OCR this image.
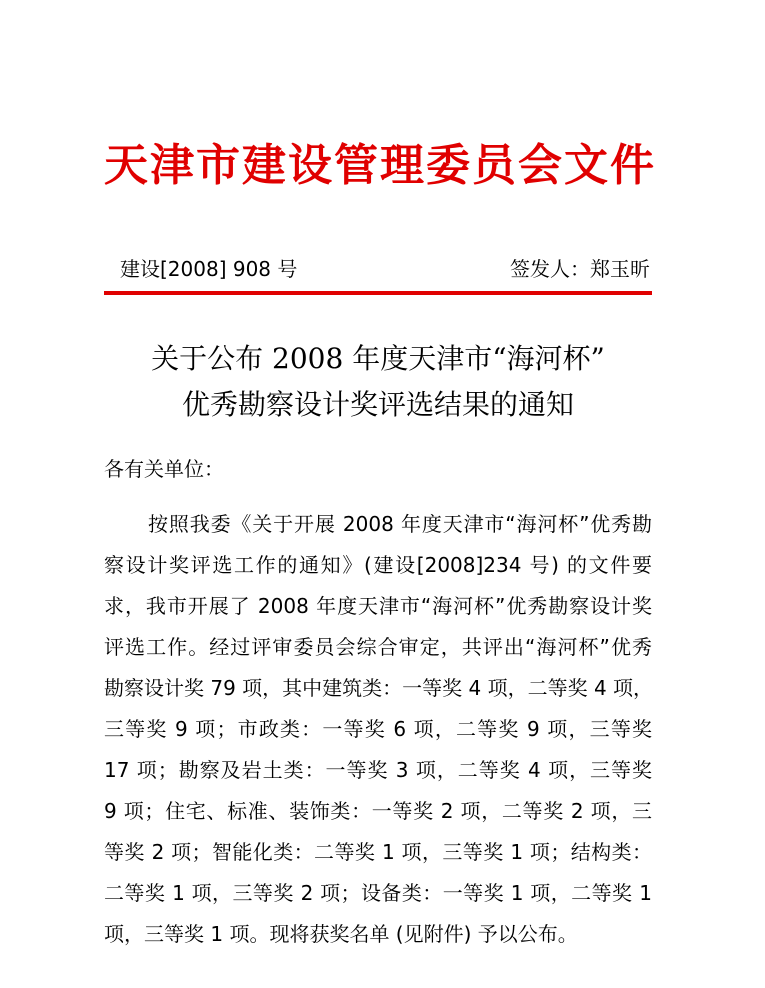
天津市建设管理委员会文件
建设[2008] 908 号	签发人：郑玉昕
关于公布 2008 年度天津市“海河杯”
优秀勘察设计奖评选结果的通知
各有关单位：
按照我委《关于开展 2008 年度天津市“海河杯”优秀勘
察设计奖评选工作的通知》(建设[2008]234 号) 的文件要
求，我市开展了 2008 年度天津市“海河杯”优秀勘察设计奖
评选工作。经过评审委员会综合审定，共评出“海河杯”优秀
勘察设计奖 79 项，其中建筑类：一等奖 4 项，二等奖 4 项，
三等奖 9 项；市政类：一等奖 6 项，二等奖 9 项，三等奖
17 项；勘察及岩土类：一等奖 3 项，二等奖 4 项，三等奖
9 项；住宅、标准、装饰类：一等奖 2 项，二等奖 2 项，三
等奖 2 项；智能化类：二等奖 1 项，三等奖 1 项；结构类：
二等奖 1 项，三等奖 2 项；设备类：一等奖 1 项，二等奖 1
项，三等奖 1 项。现将获奖名单 (见附件) 予以公布。
